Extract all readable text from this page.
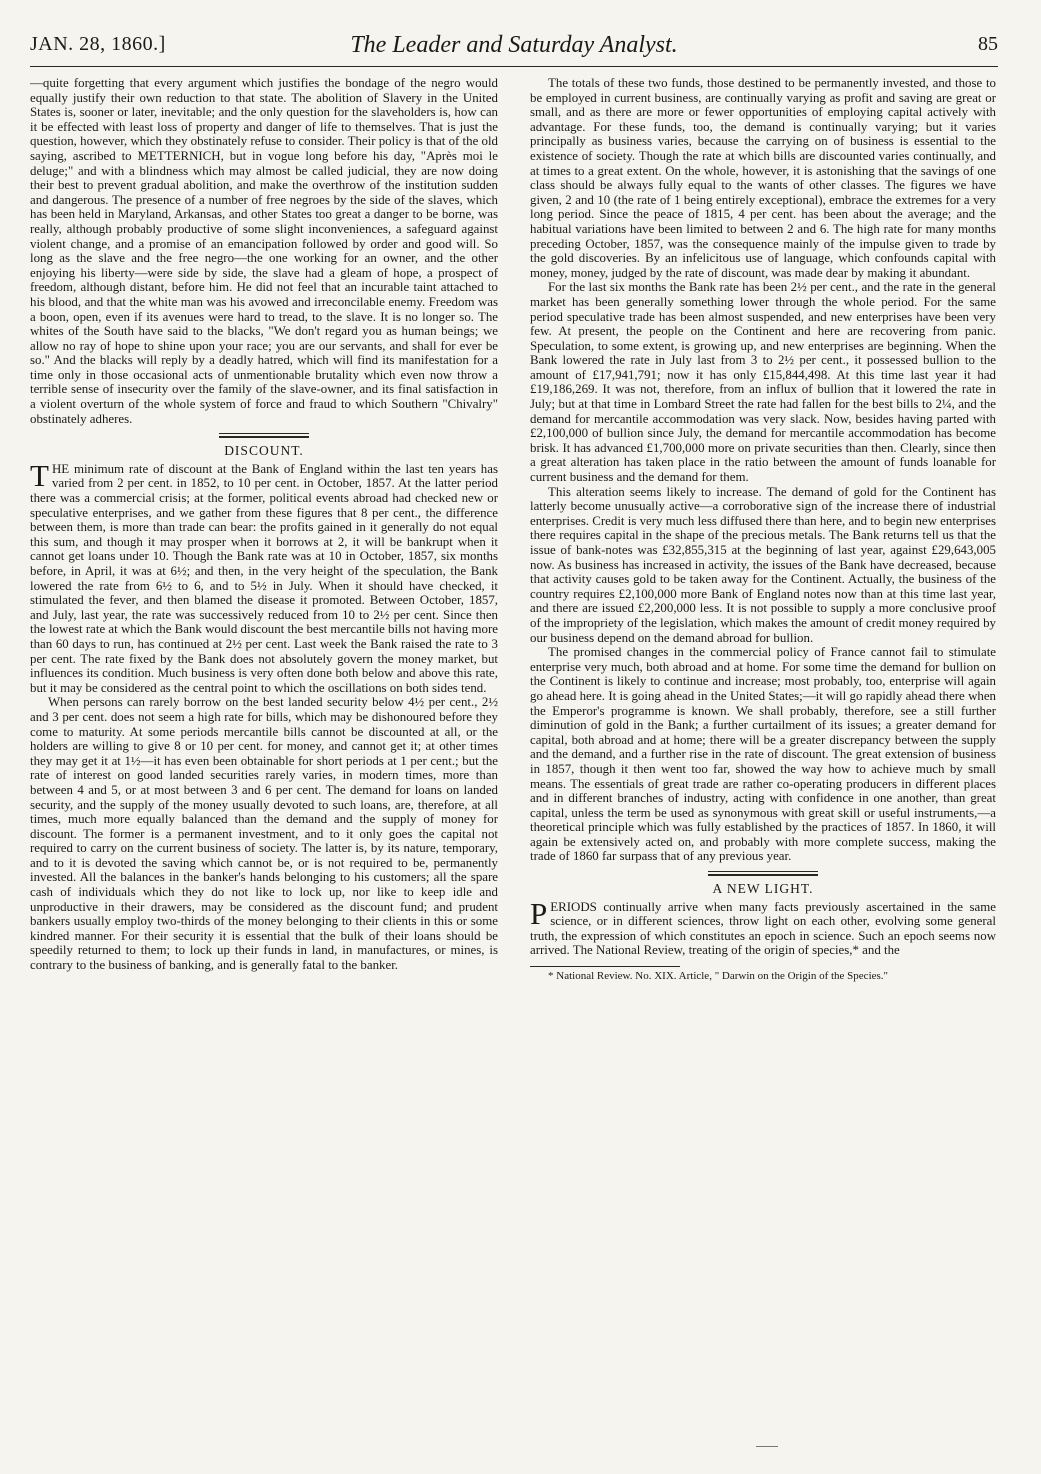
JAN. 28, 1860.]	The Leader and Saturday Analyst.	85

—quite forgetting that every argument which justifies the bondage of the negro would equally justify their own reduction to that state. The abolition of Slavery in the United States is, sooner or later, inevitable; and the only question for the slaveholders is, how can it be effected with least loss of property and danger of life to themselves. That is just the question, however, which they obstinately refuse to consider. Their policy is that of the old saying, ascribed to METTERNICH, but in vogue long before his day, "Après moi le deluge;" and with a blindness which may almost be called judicial, they are now doing their best to prevent gradual abolition, and make the overthrow of the institution sudden and dangerous. The presence of a number of free negroes by the side of the slaves, which has been held in Maryland, Arkansas, and other States too great a danger to be borne, was really, although probably productive of some slight inconveniences, a safeguard against violent change, and a promise of an emancipation followed by order and good will. So long as the slave and the free negro—the one working for an owner, and the other enjoying his liberty—were side by side, the slave had a gleam of hope, a prospect of freedom, although distant, before him. He did not feel that an incurable taint attached to his blood, and that the white man was his avowed and irreconcilable enemy. Freedom was a boon, open, even if its avenues were hard to tread, to the slave. It is no longer so. The whites of the South have said to the blacks, "We don't regard you as human beings; we allow no ray of hope to shine upon your race; you are our servants, and shall for ever be so." And the blacks will reply by a deadly hatred, which will find its manifestation for a time only in those occasional acts of unmentionable brutality which even now throw a terrible sense of insecurity over the family of the slave-owner, and its final satisfaction in a violent overturn of the whole system of force and fraud to which Southern "Chivalry" obstinately adheres.

DISCOUNT.

THE minimum rate of discount at the Bank of England within the last ten years has varied from 2 per cent. in 1852, to 10 per cent. in October, 1857. At the latter period there was a commercial crisis; at the former, political events abroad had checked new or speculative enterprises, and we gather from these figures that 8 per cent., the difference between them, is more than trade can bear: the profits gained in it generally do not equal this sum, and though it may prosper when it borrows at 2, it will be bankrupt when it cannot get loans under 10. Though the Bank rate was at 10 in October, 1857, six months before, in April, it was at 6½; and then, in the very height of the speculation, the Bank lowered the rate from 6½ to 6, and to 5½ in July. When it should have checked, it stimulated the fever, and then blamed the disease it promoted. Between October, 1857, and July, last year, the rate was successively reduced from 10 to 2½ per cent. Since then the lowest rate at which the Bank would discount the best mercantile bills not having more than 60 days to run, has continued at 2½ per cent. Last week the Bank raised the rate to 3 per cent. The rate fixed by the Bank does not absolutely govern the money market, but influences its condition. Much business is very often done both below and above this rate, but it may be considered as the central point to which the oscillations on both sides tend.

When persons can rarely borrow on the best landed security below 4½ per cent., 2½ and 3 per cent. does not seem a high rate for bills, which may be dishonoured before they come to maturity. At some periods mercantile bills cannot be discounted at all, or the holders are willing to give 8 or 10 per cent. for money, and cannot get it; at other times they may get it at 1½—it has even been obtainable for short periods at 1 per cent.; but the rate of interest on good landed securities rarely varies, in modern times, more than between 4 and 5, or at most between 3 and 6 per cent. The demand for loans on landed security, and the supply of the money usually devoted to such loans, are, therefore, at all times, much more equally balanced than the demand and the supply of money for discount. The former is a permanent investment, and to it only goes the capital not required to carry on the current business of society. The latter is, by its nature, temporary, and to it is devoted the saving which cannot be, or is not required to be, permanently invested. All the balances in the banker's hands belonging to his customers; all the spare cash of individuals which they do not like to lock up, nor like to keep idle and unproductive in their drawers, may be considered as the discount fund; and prudent bankers usually employ two-thirds of the money belonging to their clients in this or some kindred manner. For their security it is essential that the bulk of their loans should be speedily returned to them; to lock up their funds in land, in manufactures, or mines, is contrary to the business of banking, and is generally fatal to the banker.

The totals of these two funds, those destined to be permanently invested, and those to be employed in current business, are continually varying as profit and saving are great or small, and as there are more or fewer opportunities of employing capital actively with advantage. For these funds, too, the demand is continually varying; but it varies principally as business varies, because the carrying on of business is essential to the existence of society. Though the rate at which bills are discounted varies continually, and at times to a great extent. On the whole, however, it is astonishing that the savings of one class should be always fully equal to the wants of other classes. The figures we have given, 2 and 10 (the rate of 1 being entirely exceptional), embrace the extremes for a very long period. Since the peace of 1815, 4 per cent. has been about the average; and the habitual variations have been limited to between 2 and 6. The high rate for many months preceding October, 1857, was the consequence mainly of the impulse given to trade by the gold discoveries. By an infelicitous use of language, which confounds capital with money, money, judged by the rate of discount, was made dear by making it abundant.

For the last six months the Bank rate has been 2½ per cent., and the rate in the general market has been generally something lower through the whole period. For the same period speculative trade has been almost suspended, and new enterprises have been very few. At present, the people on the Continent and here are recovering from panic. Speculation, to some extent, is growing up, and new enterprises are beginning. When the Bank lowered the rate in July last from 3 to 2½ per cent., it possessed bullion to the amount of £17,941,791; now it has only £15,844,498. At this time last year it had £19,186,269. It was not, therefore, from an influx of bullion that it lowered the rate in July; but at that time in Lombard Street the rate had fallen for the best bills to 2¼, and the demand for mercantile accommodation was very slack. Now, besides having parted with £2,100,000 of bullion since July, the demand for mercantile accommodation has become brisk. It has advanced £1,700,000 more on private securities than then. Clearly, since then a great alteration has taken place in the ratio between the amount of funds loanable for current business and the demand for them.

This alteration seems likely to increase. The demand of gold for the Continent has latterly become unusually active—a corroborative sign of the increase there of industrial enterprises. Credit is very much less diffused there than here, and to begin new enterprises there requires capital in the shape of the precious metals. The Bank returns tell us that the issue of bank-notes was £32,855,315 at the beginning of last year, against £29,643,005 now. As business has increased in activity, the issues of the Bank have decreased, because that activity causes gold to be taken away for the Continent. Actually, the business of the country requires £2,100,000 more Bank of England notes now than at this time last year, and there are issued £2,200,000 less. It is not possible to supply a more conclusive proof of the impropriety of the legislation, which makes the amount of credit money required by our business depend on the demand abroad for bullion.

The promised changes in the commercial policy of France cannot fail to stimulate enterprise very much, both abroad and at home. For some time the demand for bullion on the Continent is likely to continue and increase; most probably, too, enterprise will again go ahead here. It is going ahead in the United States;—it will go rapidly ahead there when the Emperor's programme is known. We shall probably, therefore, see a still further diminution of gold in the Bank; a further curtailment of its issues; a greater demand for capital, both abroad and at home; there will be a greater discrepancy between the supply and the demand, and a further rise in the rate of discount. The great extension of business in 1857, though it then went too far, showed the way how to achieve much by small means. The essentials of great trade are rather co-operating producers in different places and in different branches of industry, acting with confidence in one another, than great capital, unless the term be used as synonymous with great skill or useful instruments,—a theoretical principle which was fully established by the practices of 1857. In 1860, it will again be extensively acted on, and probably with more complete success, making the trade of 1860 far surpass that of any previous year.

A NEW LIGHT.

PERIODS continually arrive when many facts previously ascertained in the same science, or in different sciences, throw light on each other, evolving some general truth, the expression of which constitutes an epoch in science. Such an epoch seems now arrived. The National Review, treating of the origin of species,* and the

* National Review. No. XIX. Article, " Darwin on the Origin of the Species."
